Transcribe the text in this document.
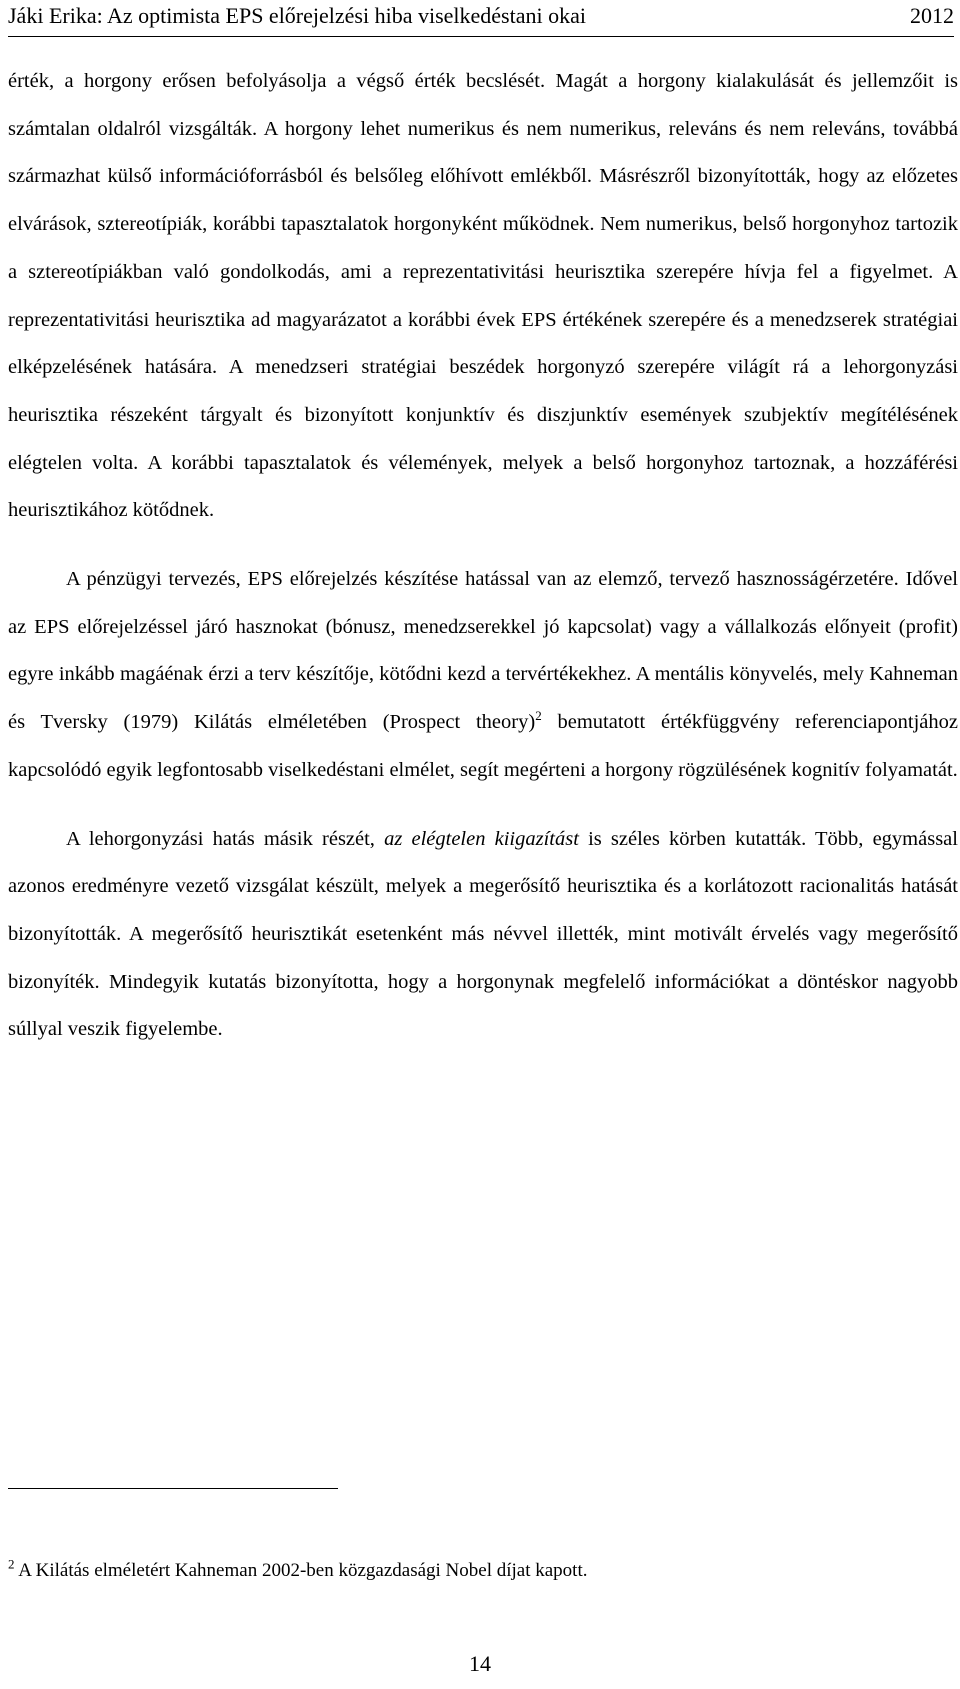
Jáki Erika: Az optimista EPS előrejelzési hiba viselkedéstani okai	2012

érték, a horgony erősen befolyásolja a végső érték becslését. Magát a horgony kialakulását és jellemzőit is számtalan oldalról vizsgálták. A horgony lehet numerikus és nem numerikus, releváns és nem releváns, továbbá származhat külső információforrásból és belsőleg előhívott emlékből. Másrészről bizonyították, hogy az előzetes elvárások, sztereotípiák, korábbi tapasztalatok horgonyként működnek. Nem numerikus, belső horgonyhoz tartozik a sztereotípiákban való gondolkodás, ami a reprezentativitási heurisztika szerepére hívja fel a figyelmet. A reprezentativitási heurisztika ad magyarázatot a korábbi évek EPS értékének szerepére és a menedzserek stratégiai elképzelésének hatására. A menedzseri stratégiai beszédek horgonyzó szerepére világít rá a lehorgonyzási heurisztika részeként tárgyalt és bizonyított konjunktív és diszjunktív események szubjektív megítélésének elégtelen volta. A korábbi tapasztalatok és vélemények, melyek a belső horgonyhoz tartoznak, a hozzáférési heurisztikához kötődnek.

A pénzügyi tervezés, EPS előrejelzés készítése hatással van az elemző, tervező hasznosságérzetére. Idővel az EPS előrejelzéssel járó hasznokat (bónusz, menedzserekkel jó kapcsolat) vagy a vállalkozás előnyeit (profit) egyre inkább magáénak érzi a terv készítője, kötődni kezd a tervértékekhez. A mentális könyvelés, mely Kahneman és Tversky (1979) Kilátás elméletében (Prospect theory)$^2$ bemutatott értékfüggvény referenciapontjához kapcsolódó egyik legfontosabb viselkedéstani elmélet, segít megérteni a horgony rögzülésének kognitív folyamatát.

A lehorgonyzási hatás másik részét, az elégtelen kiigazítást is széles körben kutatták. Több, egymással azonos eredményre vezető vizsgálat készült, melyek a megerősítő heurisztika és a korlátozott racionalitás hatását bizonyították. A megerősítő heurisztikát esetenként más névvel illették, mint motivált érvelés vagy megerősítő bizonyíték. Mindegyik kutatás bizonyította, hogy a horgonynak megfelelő információkat a döntéskor nagyobb súllyal veszik figyelembe.

$^2$ A Kilátás elméletért Kahneman 2002-ben közgazdasági Nobel díjat kapott.
14
